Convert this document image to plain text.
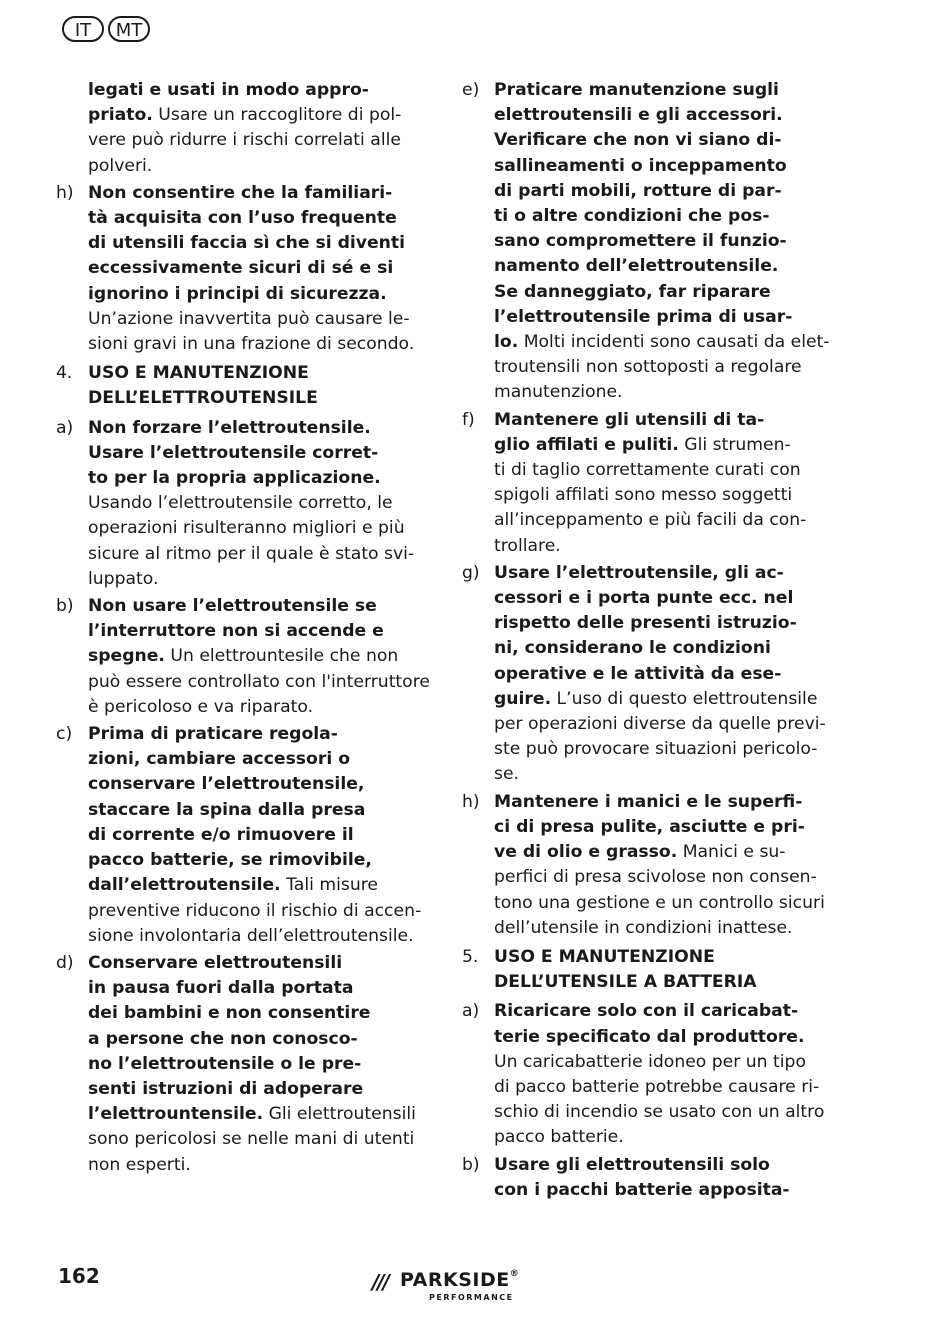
IT	MT
legati e usati in modo appro-
priato. Usare un raccoglitore di pol-
vere può ridurre i rischi correlati alle
polveri.
h) Non consentire che la familiari-
tà acquisita con l’uso frequente
di utensili faccia sì che si diventi
eccessivamente sicuri di sé e si
ignorino i principi di sicurezza.
Un’azione inavvertita può causare le-
sioni gravi in una frazione di secondo.
4. USO E MANUTENZIONE
DELL’ELETTROUTENSILE
a) Non forzare l’elettroutensile.
Usare l’elettroutensile corret-
to per la propria applicazione.
Usando l’elettroutensile corretto, le
operazioni risulteranno migliori e più
sicure al ritmo per il quale è stato svi-
luppato.
b) Non usare l’elettroutensile se
l’interruttore non si accende e
spegne. Un elettrountesile che non
può essere controllato con l'interruttore
è pericoloso e va riparato.
c) Prima di praticare regola-
zioni, cambiare accessori o
conservare l’elettroutensile,
staccare la spina dalla presa
di corrente e/o rimuovere il
pacco batterie, se rimovibile,
dall’elettroutensile. Tali misure
preventive riducono il rischio di accen-
sione involontaria dell’elettroutensile.
d) Conservare elettroutensili
in pausa fuori dalla portata
dei bambini e non consentire
a persone che non conosco-
no l’elettroutensile o le pre-
senti istruzioni di adoperare
l’elettrountensile. Gli elettroutensili
sono pericolosi se nelle mani di utenti
non esperti.
e) Praticare manutenzione sugli
elettroutensili e gli accessori.
Verificare che non vi siano di-
sallineamenti o inceppamento
di parti mobili, rotture di par-
ti o altre condizioni che pos-
sano compromettere il funzio-
namento dell’elettroutensile.
Se danneggiato, far riparare
l’elettroutensile prima di usar-
lo. Molti incidenti sono causati da elet-
troutensili non sottoposti a regolare
manutenzione.
f)	Mantenere gli utensili di ta-
glio affilati e puliti. Gli strumen-
ti di taglio correttamente curati con
spigoli affilati sono messo soggetti
all’inceppamento e più facili da con-
trollare.
g) Usare l’elettroutensile, gli ac-
cessori e i porta punte ecc. nel
rispetto delle presenti istruzio-
ni, considerano le condizioni
operative e le attività da ese-
guire. L’uso di questo elettroutensile
per operazioni diverse da quelle previ-
ste può provocare situazioni pericolo-
se.
h) Mantenere i manici e le superfi-
ci di presa pulite, asciutte e pri-
ve di olio e grasso. Manici e su-
perfici di presa scivolose non consen-
tono una gestione e un controllo sicuri
dell’utensile in condizioni inattese.
5. USO E MANUTENZIONE
DELL’UTENSILE A BATTERIA
a) Ricaricare solo con il caricabat-
terie specificato dal produttore.
Un caricabatterie idoneo per un tipo
di pacco batterie potrebbe causare ri-
schio di incendio se usato con un altro
pacco batterie.
b) Usare gli elettroutensili solo
con i pacchi batterie apposita-
162	/// PARKSIDE®
PERFORMANCE
